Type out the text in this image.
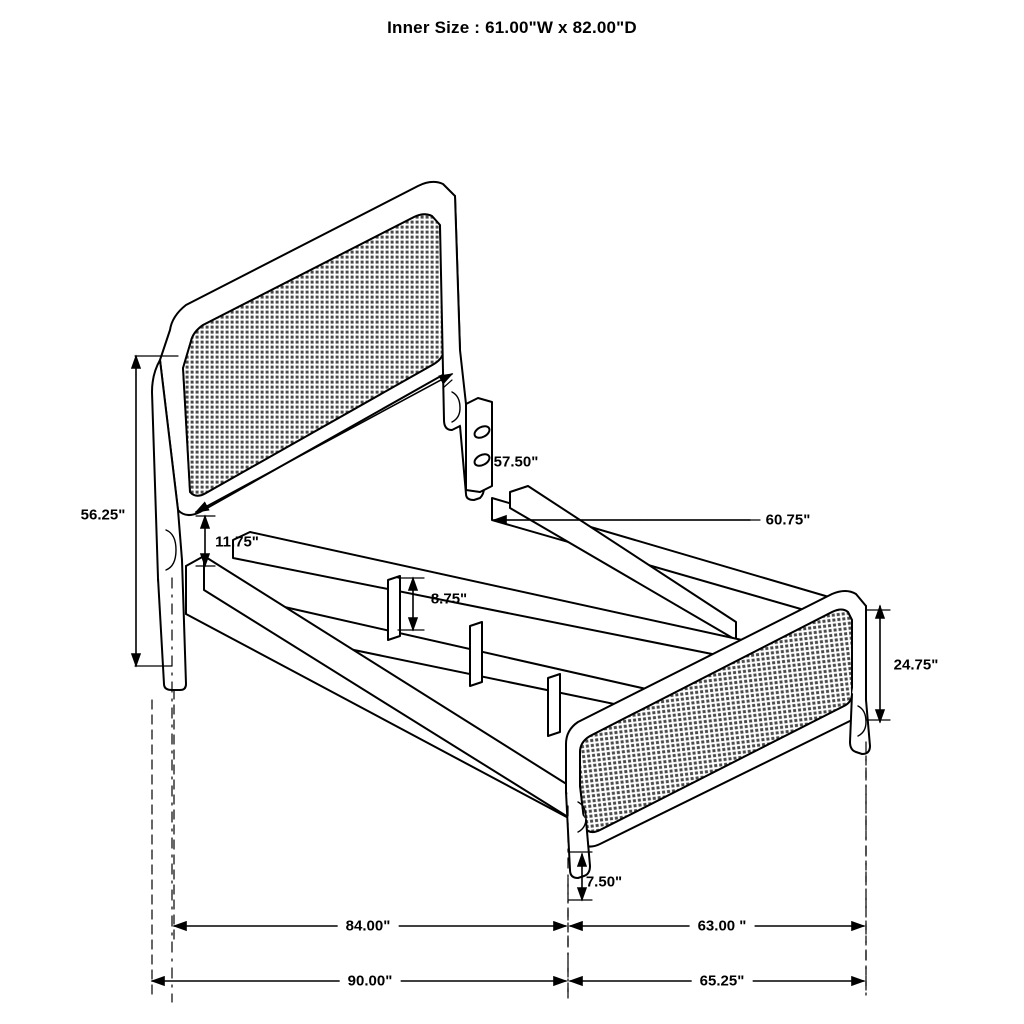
Inner Size : 61.00"W x 82.00"D
57.50"
56.25"
11.75"
8.75"
60.75"
24.75"
7.50"
84.00"	63.00 "
90.00"	65.25"
